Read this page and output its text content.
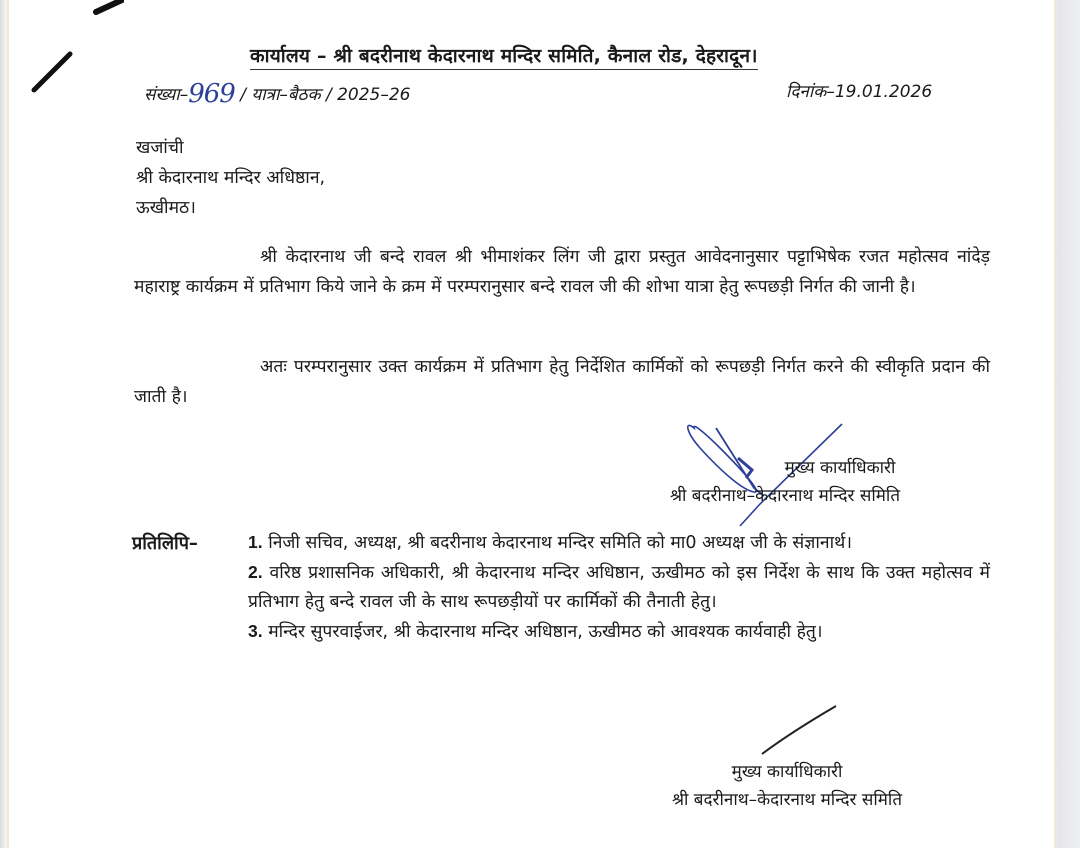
कार्यालय – श्री बदरीनाथ केदारनाथ मन्दिर समिति, कैनाल रोड, देहरादून।
संख्या–969 / यात्रा–बैठक / 2025–26	दिनांक–19.01.2026
खजांची
श्री केदारनाथ मन्दिर अधिष्ठान,
ऊखीमठ।
श्री केदारनाथ जी बन्दे रावल श्री भीमाशंकर लिंग जी द्वारा प्रस्तुत आवेदनानुसार पट्टाभिषेक रजत महोत्सव नांदेड़ महाराष्ट्र कार्यक्रम में प्रतिभाग किये जाने के क्रम में परम्परानुसार बन्दे रावल जी की शोभा यात्रा हेतु रूपछड़ी निर्गत की जानी है।
अतः परम्परानुसार उक्त कार्यक्रम में प्रतिभाग हेतु निर्देशित कार्मिकों को रूपछड़ी निर्गत करने की स्वीकृति प्रदान की जाती है।
मुख्य कार्याधिकारी
श्री बदरीनाथ–केदारनाथ मन्दिर समिति
प्रतिलिपि–	1. निजी सचिव, अध्यक्ष, श्री बदरीनाथ केदारनाथ मन्दिर समिति को मा0 अध्यक्ष जी के संज्ञानार्थ।

2. वरिष्ठ प्रशासनिक अधिकारी, श्री केदारनाथ मन्दिर अधिष्ठान, ऊखीमठ को इस निर्देश के साथ कि उक्त महोत्सव में प्रतिभाग हेतु बन्दे रावल जी के साथ रूपछड़ीयों पर कार्मिकों की तैनाती हेतु।

3. मन्दिर सुपरवाईजर, श्री केदारनाथ मन्दिर अधिष्ठान, ऊखीमठ को आवश्यक कार्यवाही हेतु।

मुख्य कार्याधिकारी
श्री बदरीनाथ–केदारनाथ मन्दिर समिति
